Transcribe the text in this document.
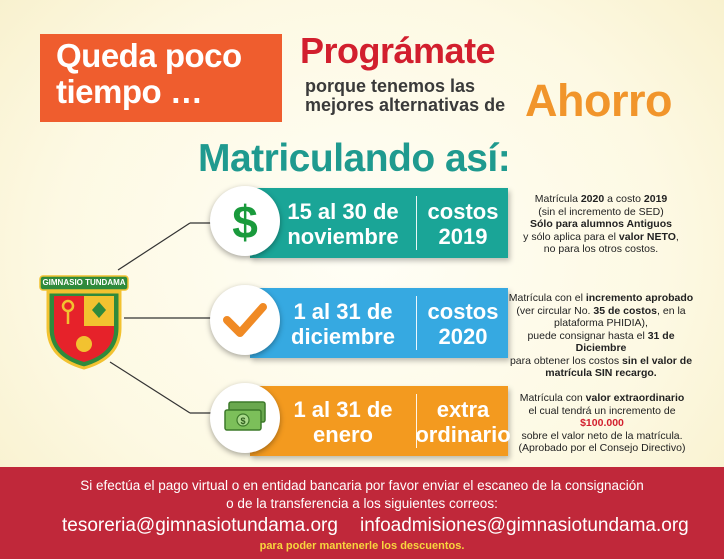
Queda poco
tiempo …
Prográmate
porque tenemos las
mejores alternativas de Ahorro
Matriculando así:
GIMNASIO TUNDAMA
15 al 30 de
noviembre
costos
2019
$	Matrícula 2020 a costo 2019
(sin el incremento de SED)
Sólo para alumnos Antiguos
y sólo aplica para el valor NETO,
no para los otros costos.
1 al 31 de
diciembre
costos
2020
Matrícula con el incremento aprobado
(ver circular No. 35 de costos, en la
plataforma PHIDIA),
puede consignar hasta el 31 de Diciembre
para obtener los costos sin el valor de
matrícula SIN recargo.
1 al 31 de
enero
extra
ordinario
$
Matrícula con valor extraordinario
el cual tendrá un incremento de
$100.000
sobre el valor neto de la matrícula.
(Aprobado por el Consejo Directivo)
Si efectúa el pago virtual o en entidad bancaria por favor enviar el escaneo de la consignación
o de la transferencia a los siguientes correos:
tesoreria@gimnasiotundama.org infoadmisiones@gimnasiotundama.org
para poder mantenerle los descuentos.
